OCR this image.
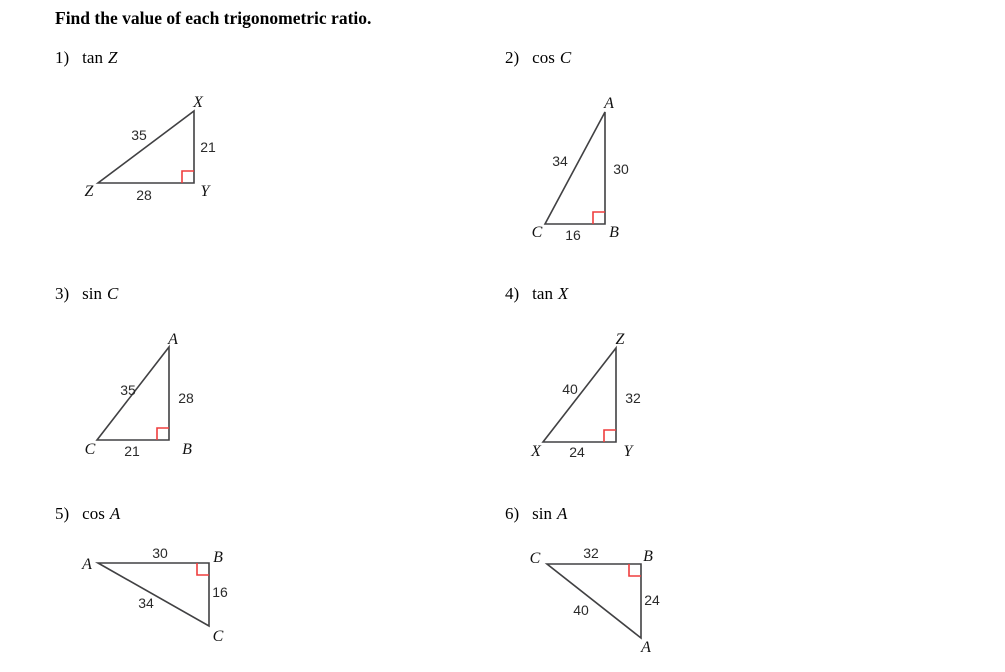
Z	Y
X
35
21
28
C	B
A
34	30
16
C	B
A
35	28
21	X	Y
Z
40
32
24
A	B
C
30
16
34
C	B
A
32
24
40
Find the value of each trigonometric ratio.
1) tan Z	2) cos C
3) sin C	4) tan X
5) cos A	6) sin A
